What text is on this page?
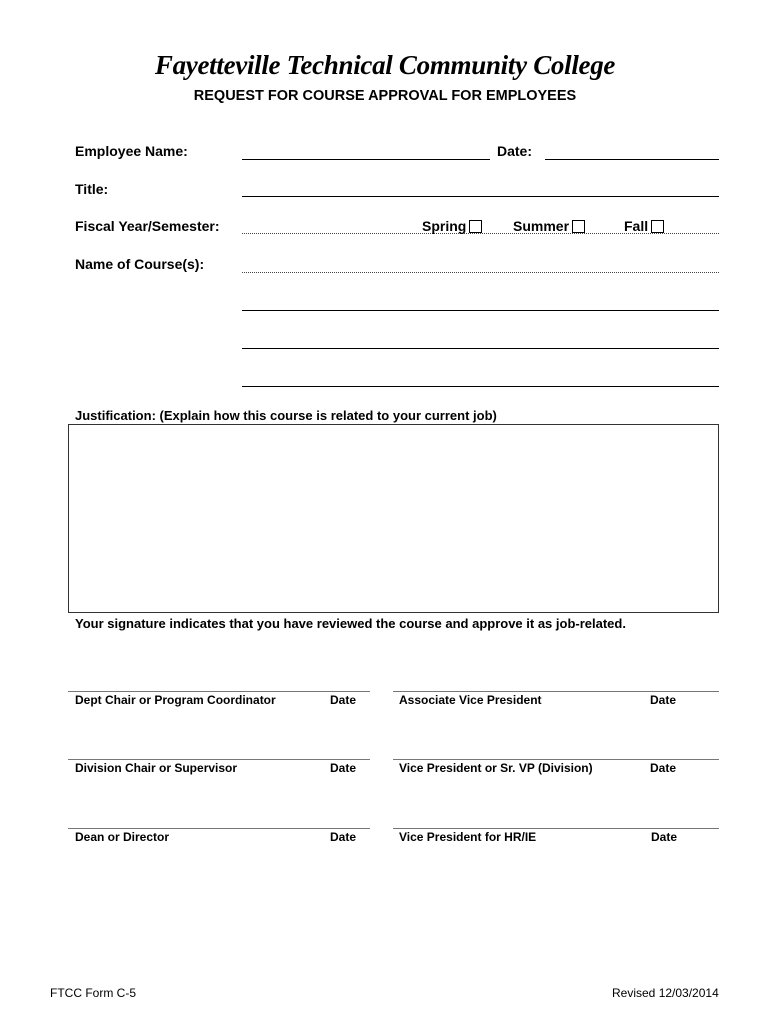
Fayetteville Technical Community College
REQUEST FOR COURSE APPROVAL FOR EMPLOYEES
Employee Name:	Date:
Title:
Fiscal Year/Semester:	Spring	Summer	Fall
Name of Course(s):
Justification: (Explain how this course is related to your current job)
Your signature indicates that you have reviewed the course and approve it as job-related.
Dept Chair or Program Coordinator	Date	Associate Vice President	Date
Division Chair or Supervisor	Date	Vice President or Sr. VP (Division)	Date
Dean or Director	Date	Vice President for HR/IE	Date
FTCC Form C-5	Revised 12/03/2014
